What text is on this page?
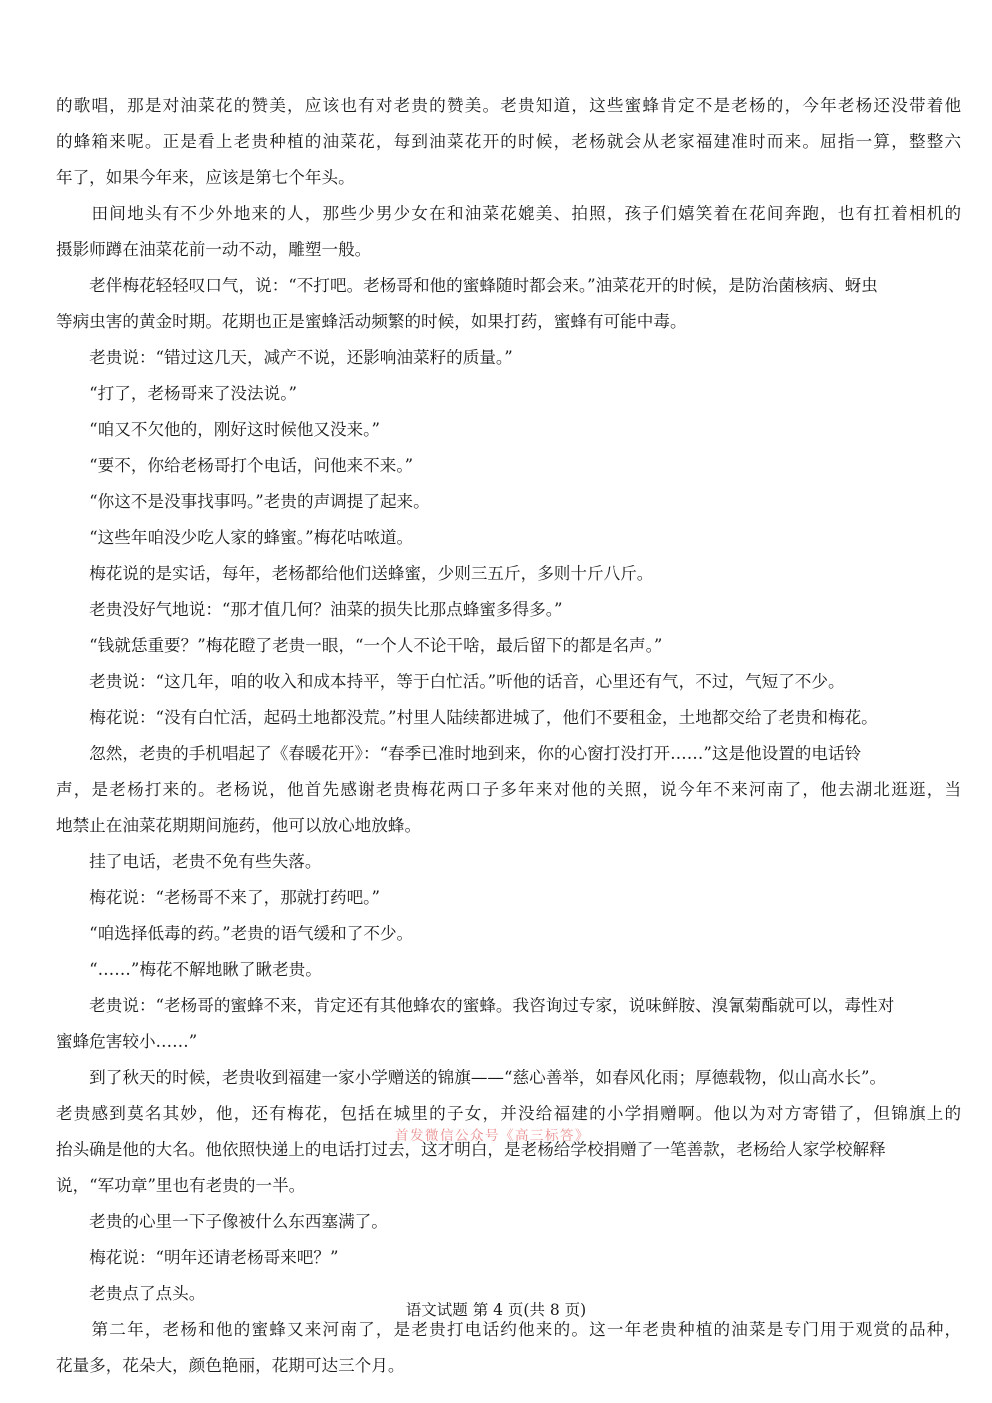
的歌唱，那是对油菜花的赞美，应该也有对老贵的赞美。老贵知道，这些蜜蜂肯定不是老杨的，今年老杨还没带着他
的蜂箱来呢。正是看上老贵种植的油菜花，每到油菜花开的时候，老杨就会从老家福建准时而来。屈指一算，整整六
年了，如果今年来，应该是第七个年头。
　　田间地头有不少外地来的人，那些少男少女在和油菜花媲美、拍照，孩子们嬉笑着在花间奔跑，也有扛着相机的
摄影师蹲在油菜花前一动不动，雕塑一般。
　　老伴梅花轻轻叹口气，说：“不打吧。老杨哥和他的蜜蜂随时都会来。”油菜花开的时候，是防治菌核病、蚜虫
等病虫害的黄金时期。花期也正是蜜蜂活动频繁的时候，如果打药，蜜蜂有可能中毒。
　　老贵说：“错过这几天，减产不说，还影响油菜籽的质量。”
　　“打了，老杨哥来了没法说。”
　　“咱又不欠他的，刚好这时候他又没来。”
　　“要不，你给老杨哥打个电话，问他来不来。”
　　“你这不是没事找事吗。”老贵的声调提了起来。
　　“这些年咱没少吃人家的蜂蜜。”梅花咕哝道。
　　梅花说的是实话，每年，老杨都给他们送蜂蜜，少则三五斤，多则十斤八斤。
　　老贵没好气地说：“那才值几何？油菜的损失比那点蜂蜜多得多。”
　　“钱就恁重要？”梅花瞪了老贵一眼，“一个人不论干啥，最后留下的都是名声。”
　　老贵说：“这几年，咱的收入和成本持平，等于白忙活。”听他的话音，心里还有气，不过，气短了不少。
　　梅花说：“没有白忙活，起码土地都没荒。”村里人陆续都进城了，他们不要租金，土地都交给了老贵和梅花。
　　忽然，老贵的手机唱起了《春暖花开》：“春季已准时地到来，你的心窗打没打开……”这是他设置的电话铃
声，是老杨打来的。老杨说，他首先感谢老贵梅花两口子多年来对他的关照，说今年不来河南了，他去湖北逛逛，当
地禁止在油菜花期期间施药，他可以放心地放蜂。
　　挂了电话，老贵不免有些失落。
　　梅花说：“老杨哥不来了，那就打药吧。”
　　“咱选择低毒的药。”老贵的语气缓和了不少。
　　“……”梅花不解地瞅了瞅老贵。
　　老贵说：“老杨哥的蜜蜂不来，肯定还有其他蜂农的蜜蜂。我咨询过专家，说味鲜胺、溴氰菊酯就可以，毒性对
蜜蜂危害较小……”
　　到了秋天的时候，老贵收到福建一家小学赠送的锦旗——“慈心善举，如春风化雨；厚德载物，似山高水长”。
老贵感到莫名其妙，他，还有梅花，包括在城里的子女，并没给福建的小学捐赠啊。他以为对方寄错了，但锦旗上的
抬头确是他的大名。他依照快递上的电话打过去，这才明白，是老杨给学校捐赠了一笔善款，老杨给人家学校解释
说，“军功章”里也有老贵的一半。
　　老贵的心里一下子像被什么东西塞满了。
　　梅花说：“明年还请老杨哥来吧？”
　　老贵点了点头。
　　第二年，老杨和他的蜜蜂又来河南了，是老贵打电话约他来的。这一年老贵种植的油菜是专门用于观赏的品种，
花量多，花朵大，颜色艳丽，花期可达三个月。
首发微信公众号《高三标答》
语文试题 第 4 页(共 8 页)
